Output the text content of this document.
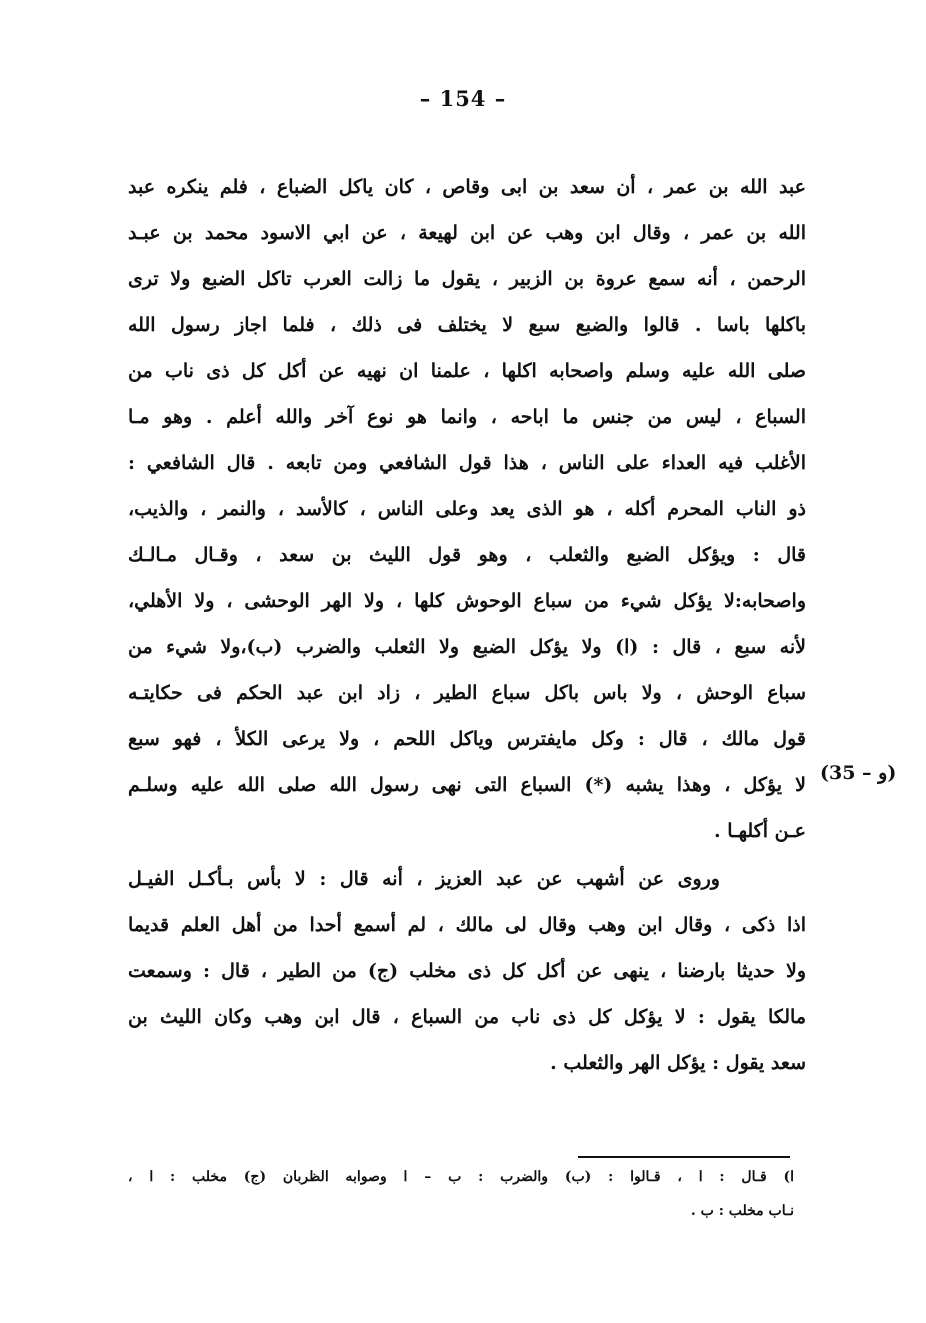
– 154 –
عبد الله بن عمر ، أن سعد بن ابى وقاص ، كان ياكل الضباع ، فلم ينكره عبد
الله بن عمر ، وقال ابن وهب عن ابن لهيعة ، عن ابي الاسود محمد بن عبـد
الرحمن ، أنه سمع عروة بن الزبير ، يقول ما زالت العرب تاكل الضبع ولا ترى
باكلها باسا . قالوا والضبع سبع لا يختلف فى ذلك ، فلما اجاز رسول الله
صلى الله عليه وسلم واصحابه اكلها ، علمنا ان نهيه عن أكل كل ذى ناب من
السباع ، ليس من جنس ما اباحه ، وانما هو نوع آخر والله أعلم . وهو مـا
الأغلب فيه العداء على الناس ، هذا قول الشافعي ومن تابعه . قال الشافعي :
ذو الناب المحرم أكله ، هو الذى يعد وعلى الناس ، كالأسد ، والنمر ، والذيب،
قال : ويؤكل الضبع والثعلب ، وهو قول الليث بن سعد ، وقـال مـالـك
واصحابه:لا يؤكل شيء من سباع الوحوش كلها ، ولا الهر الوحشى ، ولا الأهلي،
لأنه سبع ، قال : (ا) ولا يؤكل الضبع ولا الثعلب والضرب (ب)،ولا شيء من
سباع الوحش ، ولا باس باكل سباع الطير ، زاد ابن عبد الحكم فى حكايتـه
قول مالك ، قال : وكل مايفترس وياكل اللحم ، ولا يرعى الكلأ ، فهو سبع
لا يؤكل ، وهذا يشبه (*) السباع التى نهى رسول الله صلى الله عليه وسلـم
عـن أكلهـا .
(35 – و)
وروى عن أشهب عن عبد العزيز ، أنه قال : لا بأس بـأكـل الفيـل
اذا ذكى ، وقال ابن وهب وقال لى مالك ، لم أسمع أحدا من أهل العلم قديما
ولا حديثا بارضنا ، ينهى عن أكل كل ذى مخلب (ج) من الطير ، قال : وسمعت
مالكا يقول : لا يؤكل كل ذى ناب من السباع ، قال ابن وهب وكان الليث بن
سعد يقول : يؤكل الهر والثعلب .
ا) قـال : ا ، قـالوا : (ب) والضرب : ب – ا وصوابه الظربان (ج) مخلب : ا ،
نـاب مخلب : ب .
